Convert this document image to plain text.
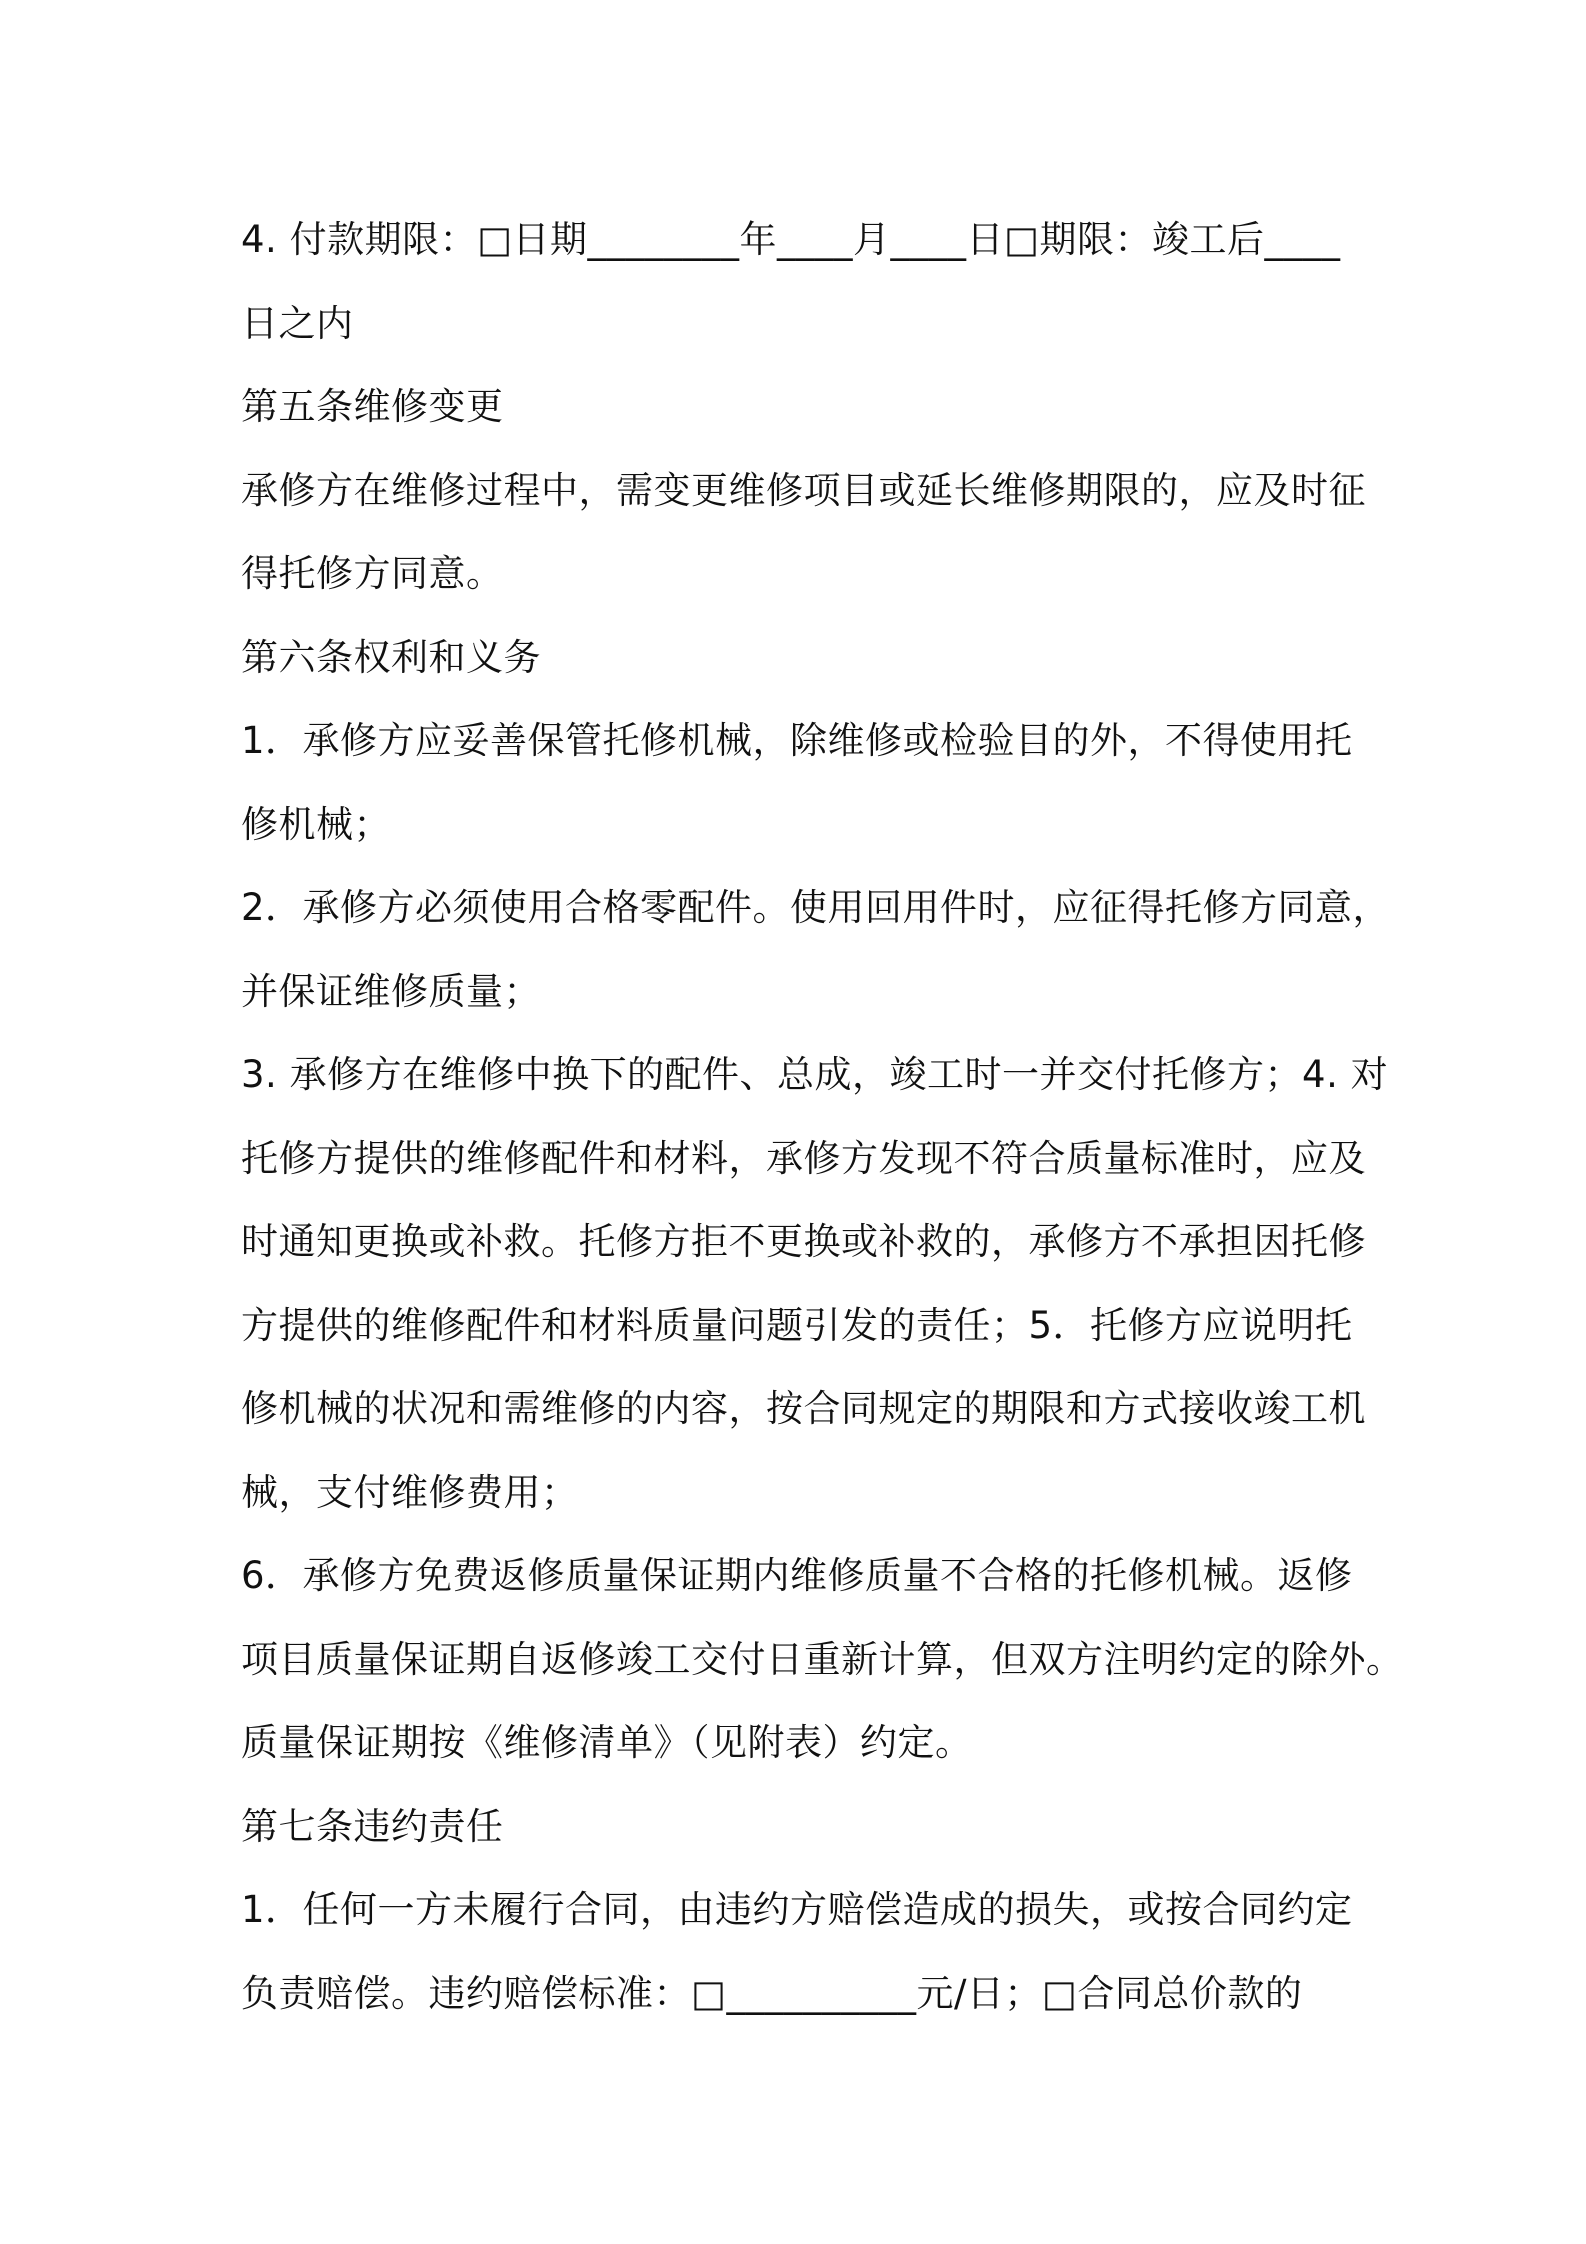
4. 付款期限：□日期________年____月____日□期限：竣工后____
日之内
第五条维修变更
承修方在维修过程中，需变更维修项目或延长维修期限的，应及时征
得托修方同意。
第六条权利和义务
1．承修方应妥善保管托修机械，除维修或检验目的外，不得使用托
修机械；
2．承修方必须使用合格零配件。使用回用件时，应征得托修方同意，
并保证维修质量；
3. 承修方在维修中换下的配件、总成，竣工时一并交付托修方；4. 对
托修方提供的维修配件和材料，承修方发现不符合质量标准时，应及
时通知更换或补救。托修方拒不更换或补救的，承修方不承担因托修
方提供的维修配件和材料质量问题引发的责任；5．托修方应说明托
修机械的状况和需维修的内容，按合同规定的期限和方式接收竣工机
械，支付维修费用；
6．承修方免费返修质量保证期内维修质量不合格的托修机械。返修
项目质量保证期自返修竣工交付日重新计算，但双方注明约定的除外。
质量保证期按《维修清单》（见附表）约定。
第七条违约责任
1．任何一方未履行合同，由违约方赔偿造成的损失，或按合同约定
负责赔偿。违约赔偿标准：□__________元/日；□合同总价款的
